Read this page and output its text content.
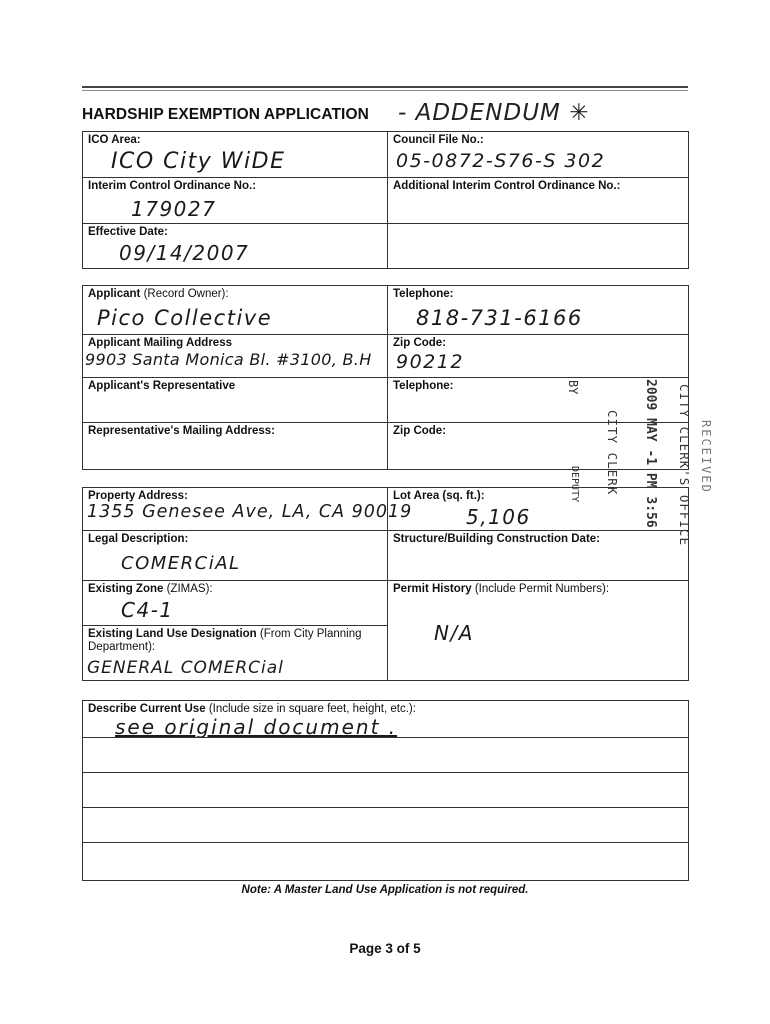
HARDSHIP EXEMPTION APPLICATION - ADDENDUM ✳
ICO Area:
ICO City WiDE
Council File No.:
05-0872-S76-S 302
Interim Control Ordinance No.:
179027
Additional Interim Control Ordinance No.:
Effective Date:
09/14/2007
Applicant (Record Owner):
Pico Collective
Telephone:
818-731-6166
Applicant Mailing Address
9903 Santa Monica Bl. #3100, B.H
Zip Code:
90212
Applicant's Representative	Telephone:
Representative's Mailing Address:	Zip Code:	CITY CLERK'S OFFICE RECEIVED
2009 MAY -1 PM 3:56
CITY CLERK
BY
DEPUTY
Property Address:
1355 Genesee Ave, LA, CA 90019
Lot Area (sq. ft.):
5,106
Legal Description:
COMERCiAL
Structure/Building Construction Date:
Existing Zone (ZIMAS):
C4-1
Permit History (Include Permit Numbers):
N/A
Existing Land Use Designation (From City Planning Department):
GENERAL COMERCial
Describe Current Use (Include size in square feet, height, etc.):
see original document .
Note: A Master Land Use Application is not required.
Page 3 of 5
